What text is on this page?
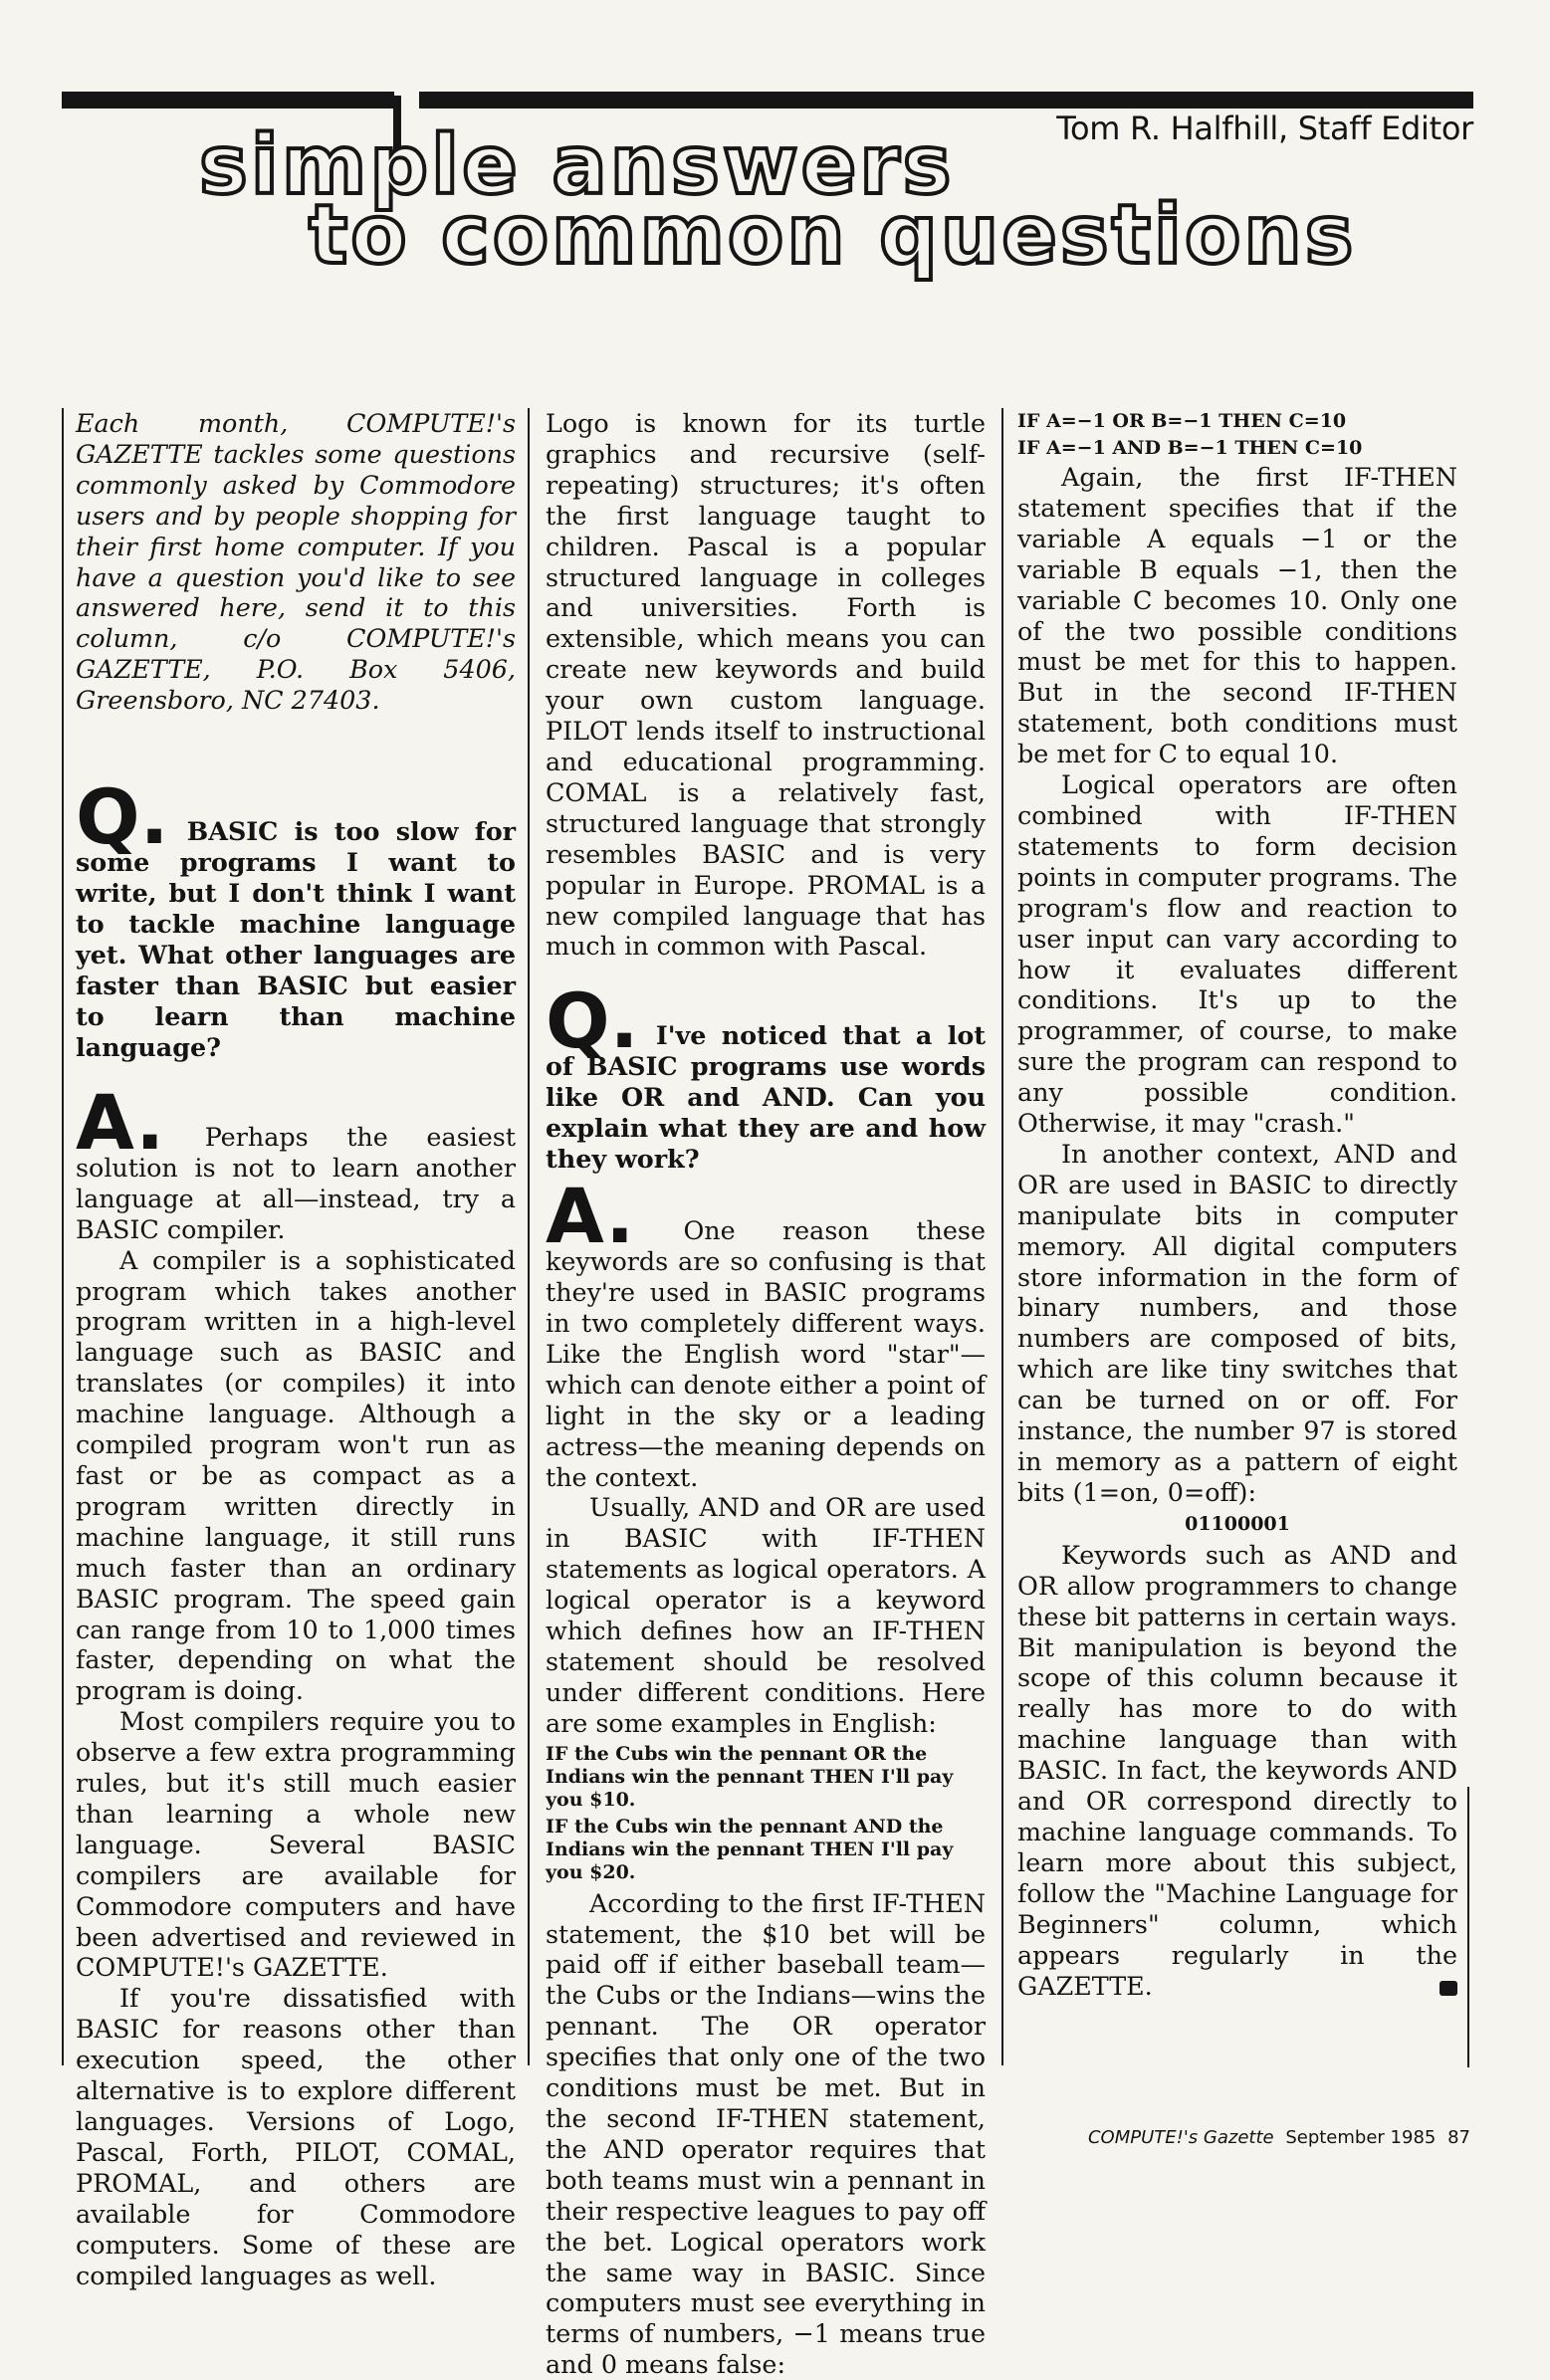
Tom R. Halfhill, Staff Editor
simple answers
to common questions

Each month, COMPUTE!'s GAZETTE tackles some questions commonly asked by Commodore users and by people shopping for their first home computer. If you have a question you'd like to see answered here, send it to this column, c/o COMPUTE!'s GAZETTE, P.O. Box 5406, Greensboro, NC 27403.

Q. BASIC is too slow for some programs I want to write, but I don't think I want to tackle machine language yet. What other languages are faster than BASIC but easier to learn than machine language?

A. Perhaps the easiest solution is not to learn another language at all—instead, try a BASIC compiler.

A compiler is a sophisticated program which takes another program written in a high-level language such as BASIC and translates (or compiles) it into machine language. Although a compiled program won't run as fast or be as compact as a program written directly in machine language, it still runs much faster than an ordinary BASIC program. The speed gain can range from 10 to 1,000 times faster, depending on what the program is doing.

Most compilers require you to observe a few extra programming rules, but it's still much easier than learning a whole new language. Several BASIC compilers are available for Commodore computers and have been advertised and reviewed in COMPUTE!'s GAZETTE.

If you're dissatisfied with BASIC for reasons other than execution speed, the other alternative is to explore different languages. Versions of Logo, Pascal, Forth, PILOT, COMAL, PROMAL, and others are available for Commodore computers. Some of these are compiled languages as well.

Logo is known for its turtle graphics and recursive (self-repeating) structures; it's often the first language taught to children. Pascal is a popular structured language in colleges and universities. Forth is extensible, which means you can create new keywords and build your own custom language. PILOT lends itself to instructional and educational programming. COMAL is a relatively fast, structured language that strongly resembles BASIC and is very popular in Europe. PROMAL is a new compiled language that has much in common with Pascal.

Q. I've noticed that a lot of BASIC programs use words like OR and AND. Can you explain what they are and how they work?

A. One reason these keywords are so confusing is that they're used in BASIC programs in two completely different ways. Like the English word "star"—which can denote either a point of light in the sky or a leading actress—the meaning depends on the context.

Usually, AND and OR are used in BASIC with IF-THEN statements as logical operators. A logical operator is a keyword which defines how an IF-THEN statement should be resolved under different conditions. Here are some examples in English:

IF the Cubs win the pennant OR the Indians win the pennant THEN I'll pay you $10.

IF the Cubs win the pennant AND the Indians win the pennant THEN I'll pay you $20.

According to the first IF-THEN statement, the $10 bet will be paid off if either baseball team—the Cubs or the Indians—wins the pennant. The OR operator specifies that only one of the two conditions must be met. But in the second IF-THEN statement, the AND operator requires that both teams must win a pennant in their respective leagues to pay off the bet. Logical operators work the same way in BASIC. Since computers must see everything in terms of numbers, −1 means true and 0 means false:

IF A=−1 OR B=−1 THEN C=10

IF A=−1 AND B=−1 THEN C=10

Again, the first IF-THEN statement specifies that if the variable A equals −1 or the variable B equals −1, then the variable C becomes 10. Only one of the two possible conditions must be met for this to happen. But in the second IF-THEN statement, both conditions must be met for C to equal 10.

Logical operators are often combined with IF-THEN statements to form decision points in computer programs. The program's flow and reaction to user input can vary according to how it evaluates different conditions. It's up to the programmer, of course, to make sure the program can respond to any possible condition. Otherwise, it may "crash."

In another context, AND and OR are used in BASIC to directly manipulate bits in computer memory. All digital computers store information in the form of binary numbers, and those numbers are composed of bits, which are like tiny switches that can be turned on or off. For instance, the number 97 is stored in memory as a pattern of eight bits (1=on, 0=off):

01100001

Keywords such as AND and OR allow programmers to change these bit patterns in certain ways. Bit manipulation is beyond the scope of this column because it really has more to do with machine language than with BASIC. In fact, the keywords AND and OR correspond directly to machine language commands. To learn more about this subject, follow the "Machine Language for Beginners" column, which appears regularly in the GAZETTE.

COMPUTE!'s Gazette September 1985 87
